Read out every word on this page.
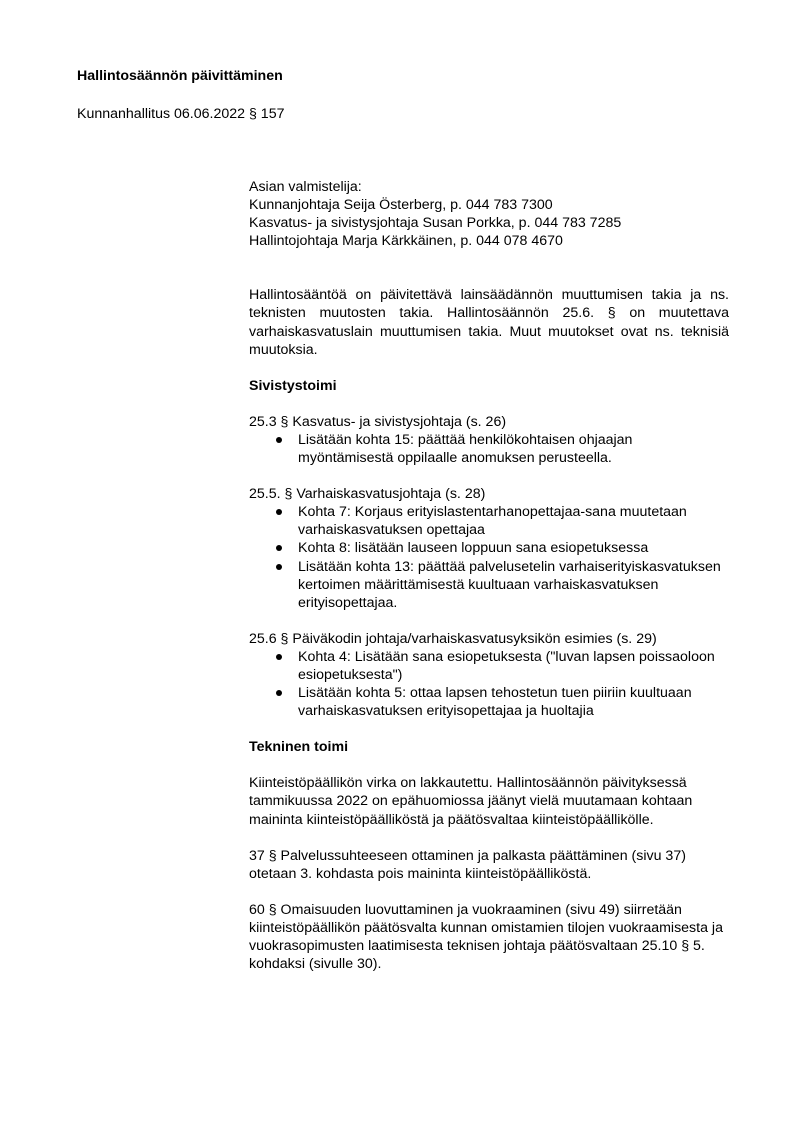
Hallintosäännön päivittäminen
Kunnanhallitus 06.06.2022 § 157
Asian valmistelija:
Kunnanjohtaja Seija Österberg, p. 044 783 7300
Kasvatus- ja sivistysjohtaja Susan Porkka, p. 044 783 7285
Hallintojohtaja Marja Kärkkäinen, p. 044 078 4670

Hallintosääntöä on päivitettävä lainsäädännön muuttumisen takia ja ns. teknisten muutosten takia. Hallintosäännön 25.6. § on muutettava varhaiskasvatuslain muuttumisen takia. Muut muutokset ovat ns. teknisiä muutoksia.

Sivistystoimi
25.3 § Kasvatus- ja sivistysjohtaja (s. 26)
Lisätään kohta 15: päättää henkilökohtaisen ohjaajan myöntämisestä oppilaalle anomuksen perusteella.
25.5. § Varhaiskasvatusjohtaja (s. 28)
Kohta 7: Korjaus erityislastentarhanopettajaa-sana muutetaan varhaiskasvatuksen opettajaa
Kohta 8: lisätään lauseen loppuun sana esiopetuksessa
Lisätään kohta 13: päättää palvelusetelin varhaiserityiskasvatuksen kertoimen määrittämisestä kuultuaan varhaiskasvatuksen erityisopettajaa.
25.6 § Päiväkodin johtaja/varhaiskasvatusyksikön esimies (s. 29)
Kohta 4: Lisätään sana esiopetuksesta ("luvan lapsen poissaoloon esiopetuksesta")
Lisätään kohta 5: ottaa lapsen tehostetun tuen piiriin kuultuaan varhaiskasvatuksen erityisopettajaa ja huoltajia
Tekninen toimi

Kiinteistöpäällikön virka on lakkautettu. Hallintosäännön päivityksessä tammikuussa 2022 on epähuomiossa jäänyt vielä muutamaan kohtaan maininta kiinteistöpäälliköstä ja päätösvaltaa kiinteistöpäällikölle.

37 § Palvelussuhteeseen ottaminen ja palkasta päättäminen (sivu 37) otetaan 3. kohdasta pois maininta kiinteistöpäälliköstä.

60 § Omaisuuden luovuttaminen ja vuokraaminen (sivu 49) siirretään kiinteistöpäällikön päätösvalta kunnan omistamien tilojen vuokraamisesta ja vuokrasopimusten laatimisesta teknisen johtaja päätösvaltaan 25.10 § 5. kohdaksi (sivulle 30).
